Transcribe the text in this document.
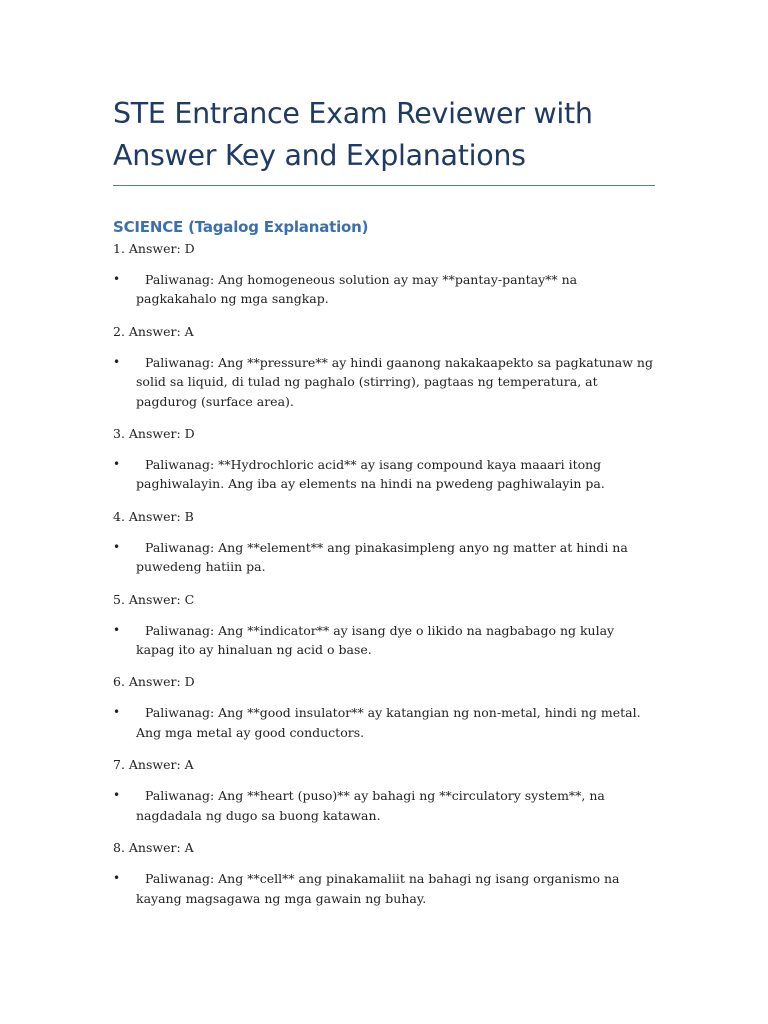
STE Entrance Exam Reviewer with
Answer Key and Explanations
SCIENCE (Tagalog Explanation)
1. Answer: D
• Paliwanag: Ang homogeneous solution ay may **pantay-pantay** na pagkakahalo ng mga sangkap.
2. Answer: A
• Paliwanag: Ang **pressure** ay hindi gaanong nakakaapekto sa pagkatunaw ng solid sa liquid, di tulad ng paghalo (stirring), pagtaas ng temperatura, at pagdurog (surface area).
3. Answer: D
• Paliwanag: **Hydrochloric acid** ay isang compound kaya maaari itong paghiwalayin. Ang iba ay elements na hindi na pwedeng paghiwalayin pa.
4. Answer: B
• Paliwanag: Ang **element** ang pinakasimpleng anyo ng matter at hindi na puwedeng hatiin pa.
5. Answer: C
• Paliwanag: Ang **indicator** ay isang dye o likido na nagbabago ng kulay kapag ito ay hinaluan ng acid o base.
6. Answer: D
• Paliwanag: Ang **good insulator** ay katangian ng non-metal, hindi ng metal. Ang mga metal ay good conductors.
7. Answer: A
• Paliwanag: Ang **heart (puso)** ay bahagi ng **circulatory system**, na nagdadala ng dugo sa buong katawan.
8. Answer: A
• Paliwanag: Ang **cell** ang pinakamaliit na bahagi ng isang organismo na kayang magsagawa ng mga gawain ng buhay.
